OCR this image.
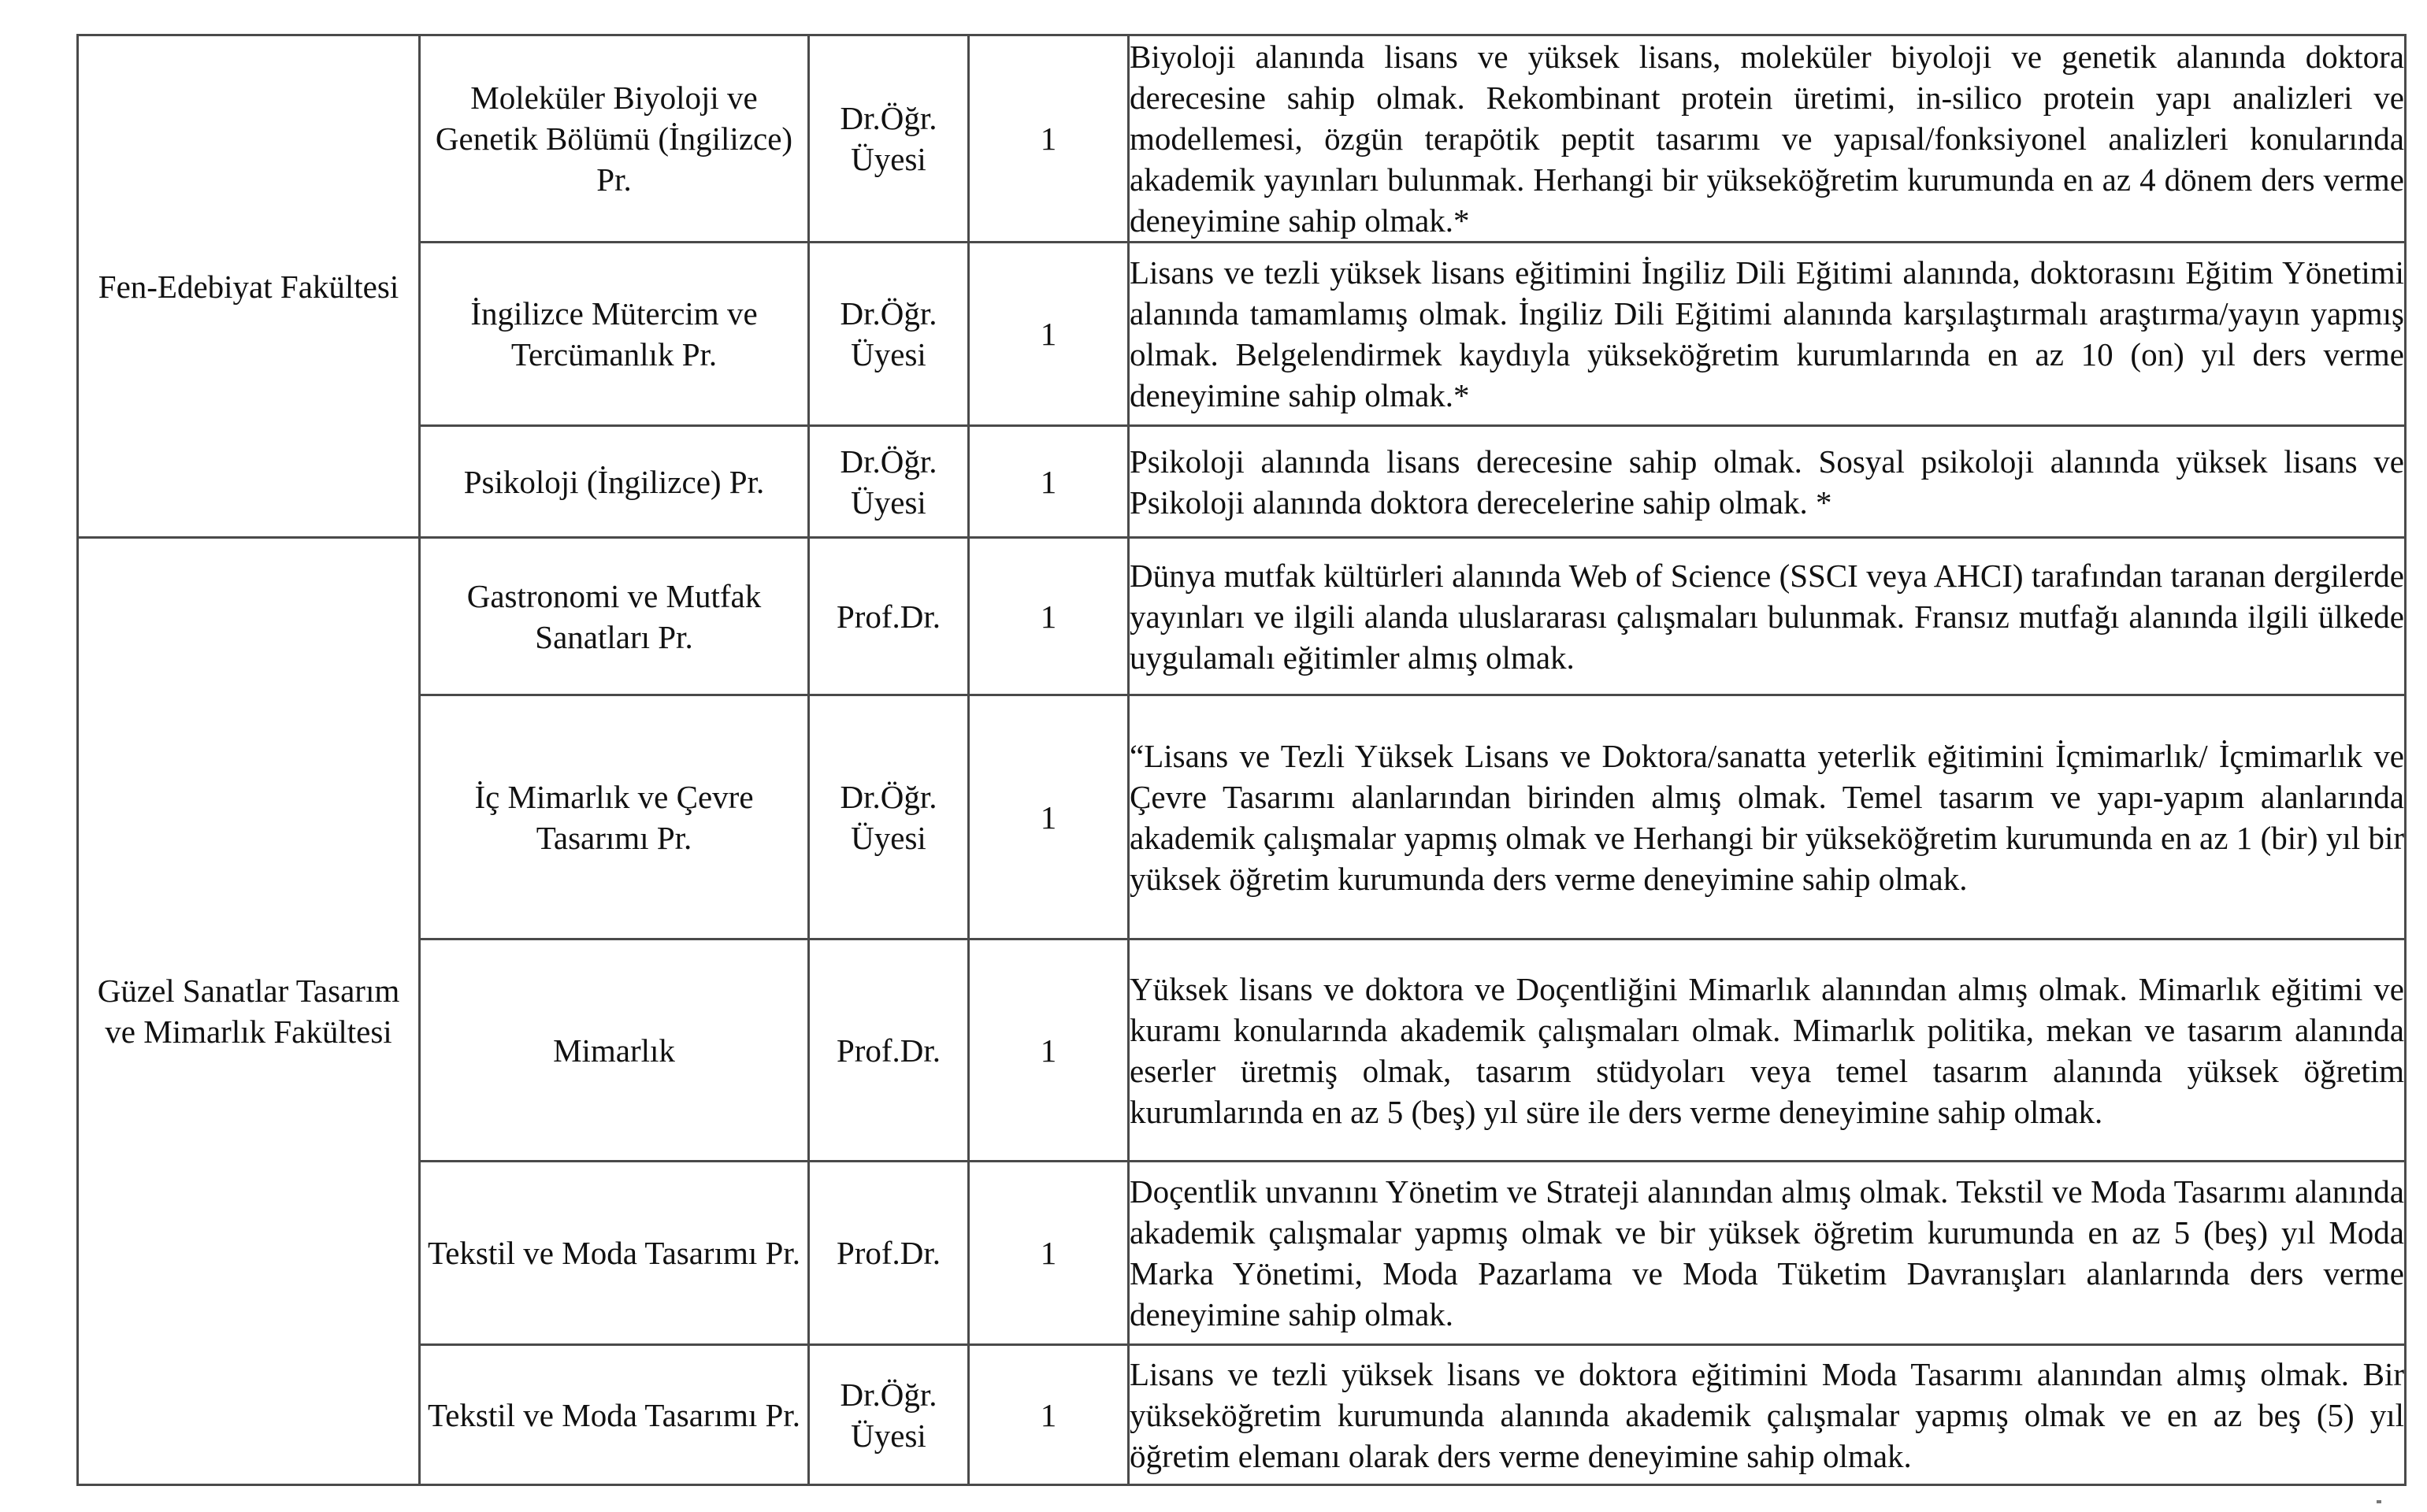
Fen-Edebiyat Fakültesi	Moleküler Biyoloji ve Genetik Bölümü (İngilizce) Pr.	Dr.Öğr. Üyesi	1	Biyoloji alanında lisans ve yüksek lisans, moleküler biyoloji ve genetik alanında doktora derecesine sahip olmak. Rekombinant protein üretimi, in-silico protein yapı analizleri ve modellemesi, özgün terapötik peptit tasarımı ve yapısal/fonksiyonel analizleri konularında akademik yayınları bulunmak. Herhangi bir yükseköğretim kurumunda en az 4 dönem ders verme deneyimine sahip olmak.*

	İngilizce Mütercim ve Tercümanlık Pr.	Dr.Öğr. Üyesi	1	Lisans ve tezli yüksek lisans eğitimini İngiliz Dili Eğitimi alanında, doktorasını Eğitim Yönetimi alanında tamamlamış olmak. İngiliz Dili Eğitimi alanında karşılaştırmalı araştırma/yayın yapmış olmak. Belgelendirmek kaydıyla yükseköğretim kurumlarında en az 10 (on) yıl ders verme deneyimine sahip olmak.*

	Psikoloji (İngilizce) Pr.	Dr.Öğr. Üyesi	1	Psikoloji alanında lisans derecesine sahip olmak. Sosyal psikoloji alanında yüksek lisans ve Psikoloji alanında doktora derecelerine sahip olmak. *

Güzel Sanatlar Tasarım ve Mimarlık Fakültesi	Gastronomi ve Mutfak Sanatları Pr.	Prof.Dr.	1	Dünya mutfak kültürleri alanında Web of Science (SSCI veya AHCI) tarafından taranan dergilerde yayınları ve ilgili alanda uluslararası çalışmaları bulunmak. Fransız mutfağı alanında ilgili ülkede uygulamalı eğitimler almış olmak.

	İç Mimarlık ve Çevre Tasarımı Pr.	Dr.Öğr. Üyesi	1	“Lisans ve Tezli Yüksek Lisans ve Doktora/sanatta yeterlik eğitimini İçmimarlık/ İçmimarlık ve Çevre Tasarımı alanlarından birinden almış olmak. Temel tasarım ve yapı-yapım alanlarında akademik çalışmalar yapmış olmak ve Herhangi bir yükseköğretim kurumunda en az 1 (bir) yıl bir yüksek öğretim kurumunda ders verme deneyimine sahip olmak.

	Mimarlık	Prof.Dr.	1	Yüksek lisans ve doktora ve Doçentliğini Mimarlık alanından almış olmak. Mimarlık eğitimi ve kuramı konularında akademik çalışmaları olmak. Mimarlık politika, mekan ve tasarım alanında eserler üretmiş olmak, tasarım stüdyoları veya temel tasarım alanında yüksek öğretim kurumlarında en az 5 (beş) yıl süre ile ders verme deneyimine sahip olmak.

	Tekstil ve Moda Tasarımı Pr.	Prof.Dr.	1	Doçentlik unvanını Yönetim ve Strateji alanından almış olmak. Tekstil ve Moda Tasarımı alanında akademik çalışmalar yapmış olmak ve bir yüksek öğretim kurumunda en az 5 (beş) yıl Moda Marka Yönetimi, Moda Pazarlama ve Moda Tüketim Davranışları alanlarında ders verme deneyimine sahip olmak.

	Tekstil ve Moda Tasarımı Pr.	Dr.Öğr. Üyesi	1	Lisans ve tezli yüksek lisans ve doktora eğitimini Moda Tasarımı alanından almış olmak. Bir yükseköğretim kurumunda alanında akademik çalışmalar yapmış olmak ve en az beş (5) yıl öğretim elemanı olarak ders verme deneyimine sahip olmak.
